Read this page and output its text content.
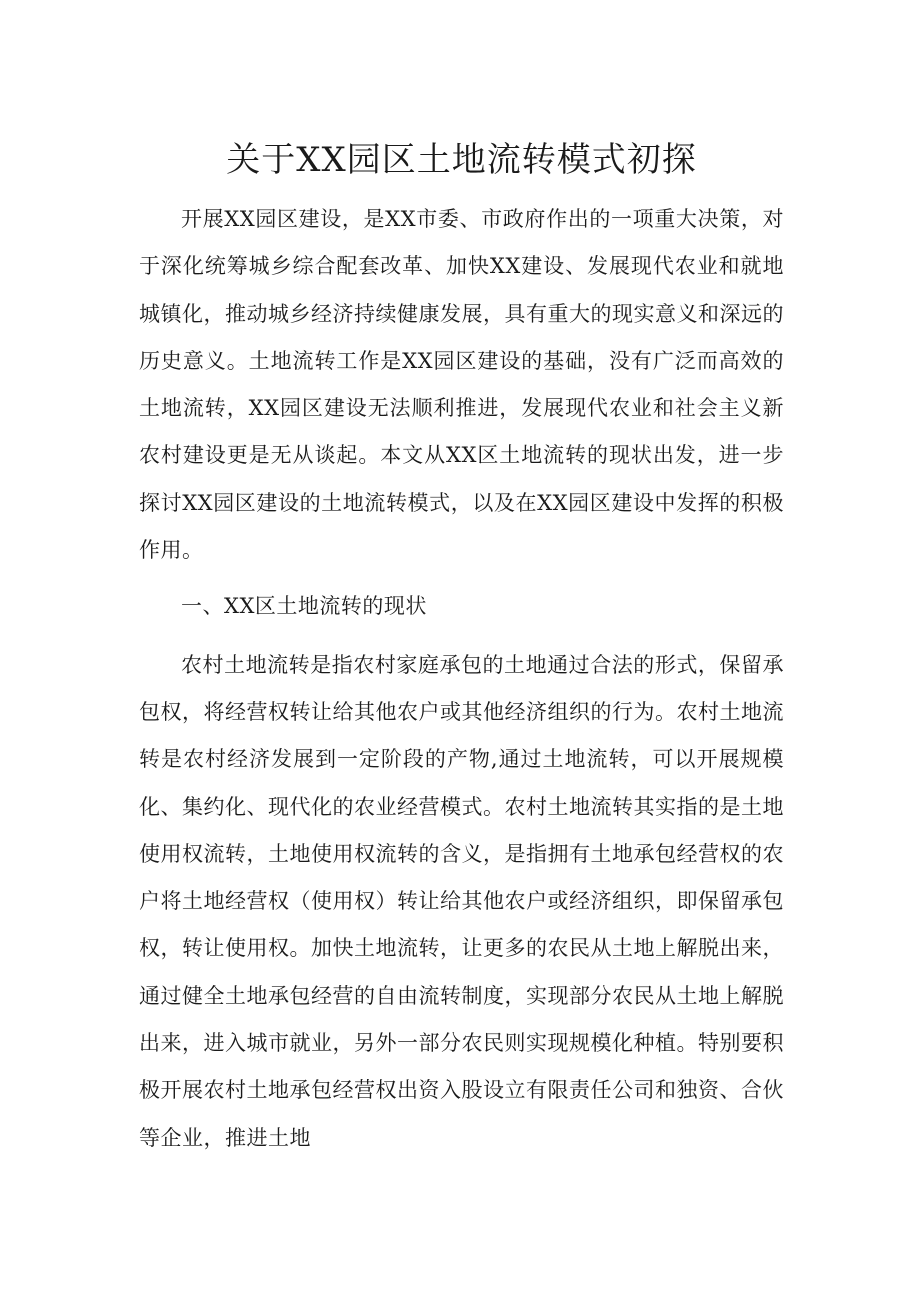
关于XX园区土地流转模式初探

开展XX园区建设，是XX市委、市政府作出的一项重大决策，对于深化统筹城乡综合配套改革、加快XX建设、发展现代农业和就地城镇化，推动城乡经济持续健康发展，具有重大的现实意义和深远的历史意义。土地流转工作是XX园区建设的基础，没有广泛而高效的土地流转，XX园区建设无法顺利推进，发展现代农业和社会主义新农村建设更是无从谈起。本文从XX区土地流转的现状出发，进一步探讨XX园区建设的土地流转模式，以及在XX园区建设中发挥的积极作用。

一、XX区土地流转的现状

农村土地流转是指农村家庭承包的土地通过合法的形式，保留承包权，将经营权转让给其他农户或其他经济组织的行为。农村土地流转是农村经济发展到一定阶段的产物,通过土地流转，可以开展规模化、集约化、现代化的农业经营模式。农村土地流转其实指的是土地使用权流转，土地使用权流转的含义，是指拥有土地承包经营权的农户将土地经营权（使用权）转让给其他农户或经济组织，即保留承包权，转让使用权。加快土地流转，让更多的农民从土地上解脱出来，通过健全土地承包经营的自由流转制度，实现部分农民从土地上解脱出来，进入城市就业，另外一部分农民则实现规模化种植。特别要积极开展农村土地承包经营权出资入股设立有限责任公司和独资、合伙等企业，推进土地
